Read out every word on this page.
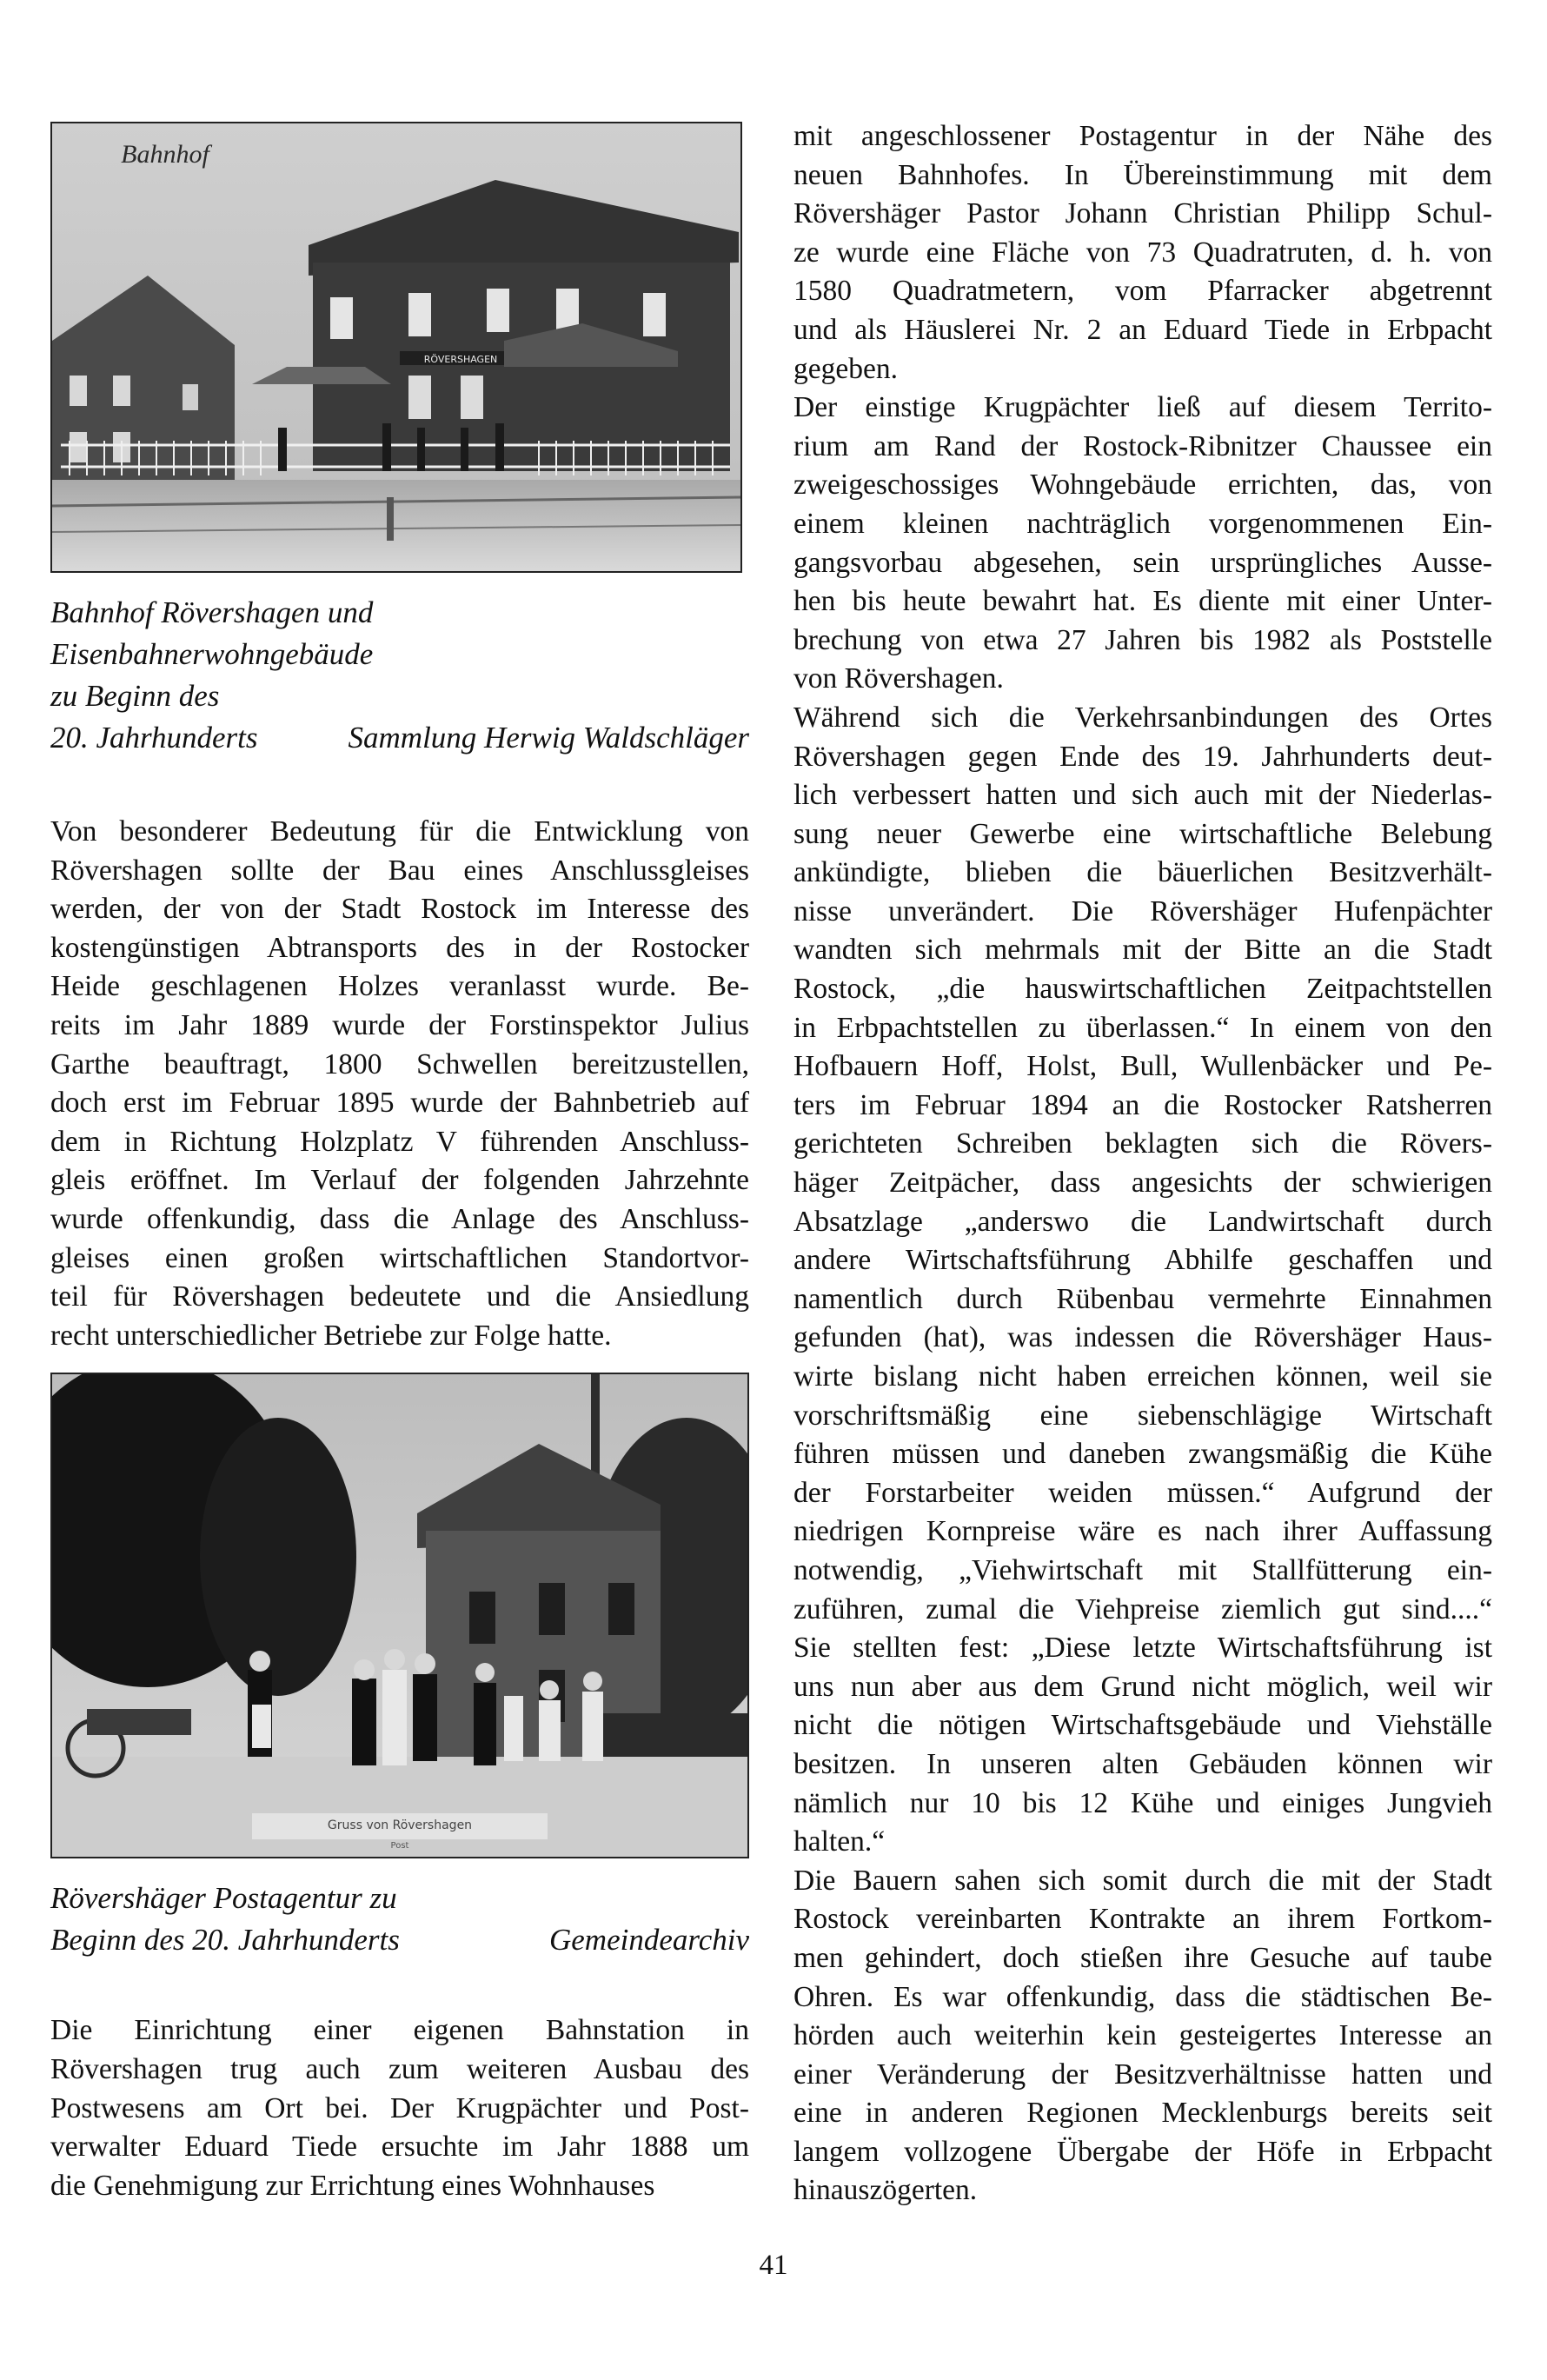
RÖVERSHAGEN
Bahnhof
Bahnhof Rövershagen und
Eisenbahnerwohngebäude
zu Beginn des
20. Jahrhunderts	Sammlung Herwig Waldschläger
Von besonderer Bedeutung für die Entwicklung von
Rövershagen sollte der Bau eines Anschlussgleises
werden, der von der Stadt Rostock im Interesse des
kostengünstigen Abtransports des in der Rostocker
Heide geschlagenen Holzes veranlasst wurde. Be-
reits im Jahr 1889 wurde der Forstinspektor Julius
Garthe beauftragt, 1800 Schwellen bereitzustellen,
doch erst im Februar 1895 wurde der Bahnbetrieb auf
dem in Richtung Holzplatz V führenden Anschluss-
gleis eröffnet. Im Verlauf der folgenden Jahrzehnte
wurde offenkundig, dass die Anlage des Anschluss-
gleises einen großen wirtschaftlichen Standortvor-
teil für Rövershagen bedeutete und die Ansiedlung
recht unterschiedlicher Betriebe zur Folge hatte.
Gruss von Rövershagen
Post
Rövershäger Postagentur zu
Beginn des 20. Jahrhunderts	Gemeindearchiv
Die Einrichtung einer eigenen Bahnstation in
Rövershagen trug auch zum weiteren Ausbau des
Postwesens am Ort bei. Der Krugpächter und Post-
verwalter Eduard Tiede ersuchte im Jahr 1888 um
die Genehmigung zur Errichtung eines Wohnhauses
mit angeschlossener Postagentur in der Nähe des
neuen Bahnhofes. In Übereinstimmung mit dem
Rövershäger Pastor Johann Christian Philipp Schul-
ze wurde eine Fläche von 73 Quadratruten, d. h. von
1580 Quadratmetern, vom Pfarracker abgetrennt
und als Häuslerei Nr. 2 an Eduard Tiede in Erbpacht
gegeben.
Der einstige Krugpächter ließ auf diesem Territo-
rium am Rand der Rostock-Ribnitzer Chaussee ein
zweigeschossiges Wohngebäude errichten, das, von
einem kleinen nachträglich vorgenommenen Ein-
gangsvorbau abgesehen, sein ursprüngliches Ausse-
hen bis heute bewahrt hat. Es diente mit einer Unter-
brechung von etwa 27 Jahren bis 1982 als Poststelle
von Rövershagen.
Während sich die Verkehrsanbindungen des Ortes
Rövershagen gegen Ende des 19. Jahrhunderts deut-
lich verbessert hatten und sich auch mit der Niederlas-
sung neuer Gewerbe eine wirtschaftliche Belebung
ankündigte, blieben die bäuerlichen Besitzverhält-
nisse unverändert. Die Rövershäger Hufenpächter
wandten sich mehrmals mit der Bitte an die Stadt
Rostock, „die hauswirtschaftlichen Zeitpachtstellen
in Erbpachtstellen zu überlassen.“ In einem von den
Hofbauern Hoff, Holst, Bull, Wullenbäcker und Pe-
ters im Februar 1894 an die Rostocker Ratsherren
gerichteten Schreiben beklagten sich die Rövers-
häger Zeitpächer, dass angesichts der schwierigen
Absatzlage „anderswo die Landwirtschaft durch
andere Wirtschaftsführung Abhilfe geschaffen und
namentlich durch Rübenbau vermehrte Einnahmen
gefunden (hat), was indessen die Rövershäger Haus-
wirte bislang nicht haben erreichen können, weil sie
vorschriftsmäßig eine siebenschlägige Wirtschaft
führen müssen und daneben zwangsmäßig die Kühe
der Forstarbeiter weiden müssen.“ Aufgrund der
niedrigen Kornpreise wäre es nach ihrer Auffassung
notwendig, „Viehwirtschaft mit Stallfütterung ein-
zuführen, zumal die Viehpreise ziemlich gut sind....“
Sie stellten fest: „Diese letzte Wirtschaftsführung ist
uns nun aber aus dem Grund nicht möglich, weil wir
nicht die nötigen Wirtschaftsgebäude und Viehställe
besitzen. In unseren alten Gebäuden können wir
nämlich nur 10 bis 12 Kühe und einiges Jungvieh
halten.“
Die Bauern sahen sich somit durch die mit der Stadt
Rostock vereinbarten Kontrakte an ihrem Fortkom-
men gehindert, doch stießen ihre Gesuche auf taube
Ohren. Es war offenkundig, dass die städtischen Be-
hörden auch weiterhin kein gesteigertes Interesse an
einer Veränderung der Besitzverhältnisse hatten und
eine in anderen Regionen Mecklenburgs bereits seit
langem vollzogene Übergabe der Höfe in Erbpacht
hinauszögerten.
41
